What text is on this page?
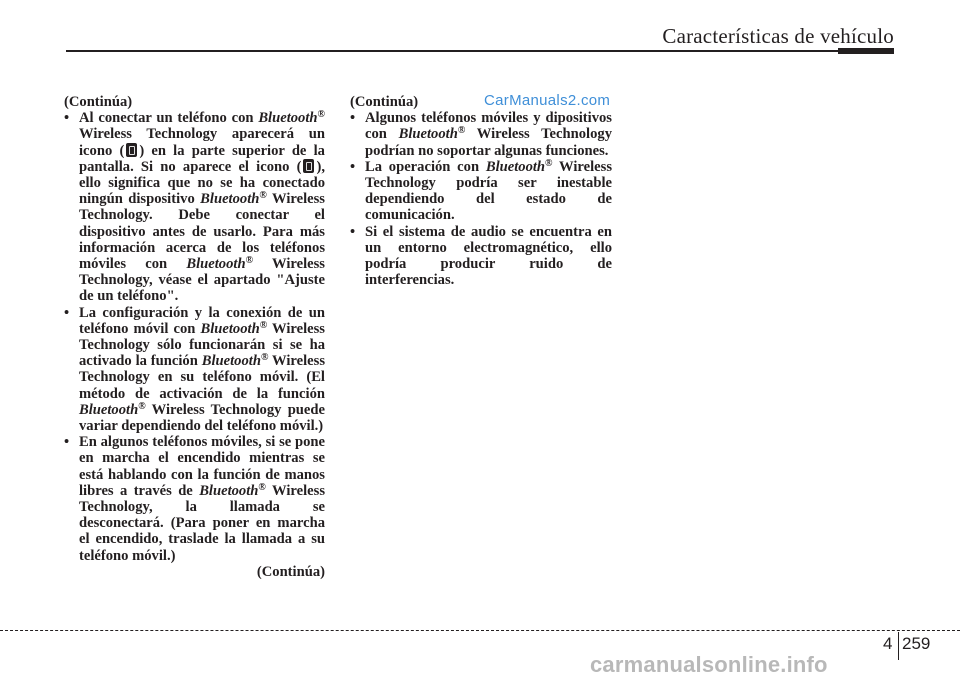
Características de vehículo
CarManuals2.com
(Continúa)
• Al conectar un teléfono con Bluetooth® Wireless Technology aparecerá un icono ( ) en la parte superior de la pantalla. Si no aparece el icono ( ), ello significa que no se ha conectado ningún dispositivo Bluetooth® Wireless Technology. Debe conectar el dispositivo antes de usarlo. Para más información acerca de los teléfonos móviles con Bluetooth® Wireless Technology, véase el apartado "Ajuste de un teléfono".
• La configuración y la conexión de un teléfono móvil con Bluetooth® Wireless Technology sólo funcionarán si se ha activado la función Bluetooth® Wireless Technology en su teléfono móvil. (El método de activación de la función Bluetooth® Wireless Technology puede variar dependiendo del teléfono móvil.)
• En algunos teléfonos móviles, si se pone en marcha el encendido mientras se está hablando con la función de manos libres a través de Bluetooth® Wireless Technology, la llamada se desconectará. (Para poner en marcha el encendido, traslade la llamada a su teléfono móvil.)
(Continúa)
(Continúa)
• Algunos teléfonos móviles y dipositivos con Bluetooth® Wireless Technology podrían no soportar algunas funciones.
• La operación con Bluetooth® Wireless Technology podría ser inestable dependiendo del estado de comunicación.
• Si el sistema de audio se encuentra en un entorno electromagnético, ello podría producir ruido de interferencias.
4 259
carmanualsonline.info
